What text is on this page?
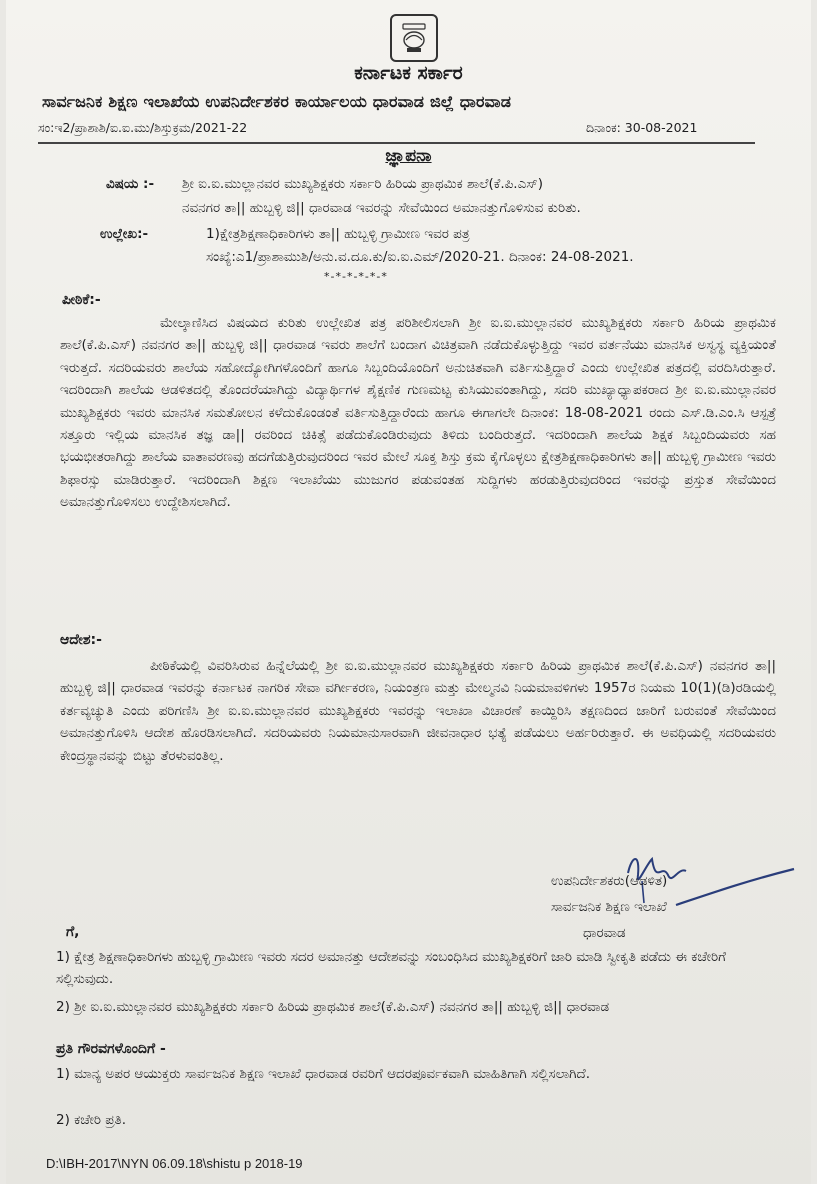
ಕರ್ನಾಟಕ ಸರ್ಕಾರ
ಸಾರ್ವಜನಿಕ ಶಿಕ್ಷಣ ಇಲಾಖೆಯ ಉಪನಿರ್ದೇಶಕರ ಕಾರ್ಯಾಲಯ ಧಾರವಾಡ ಜಿಲ್ಲೆ ಧಾರವಾಡ
ಸಂ:ಇ2/ಪ್ರಾಶಾಶಿ/ಐ.ಐ.ಮು/ಶಿಸ್ತುಕ್ರಮ/2021-22	ದಿನಾಂಕ: 30-08-2021
ಜ್ಞಾಪನಾ
ವಿಷಯ :- ಶ್ರೀ ಐ.ಐ.ಮುಲ್ಲಾನವರ ಮುಖ್ಯಶಿಕ್ಷಕರು ಸರ್ಕಾರಿ ಹಿರಿಯ ಪ್ರಾಥಮಿಕ ಶಾಲೆ(ಕೆ.ಪಿ.ಎಸ್)
ನವನಗರ ತಾ|| ಹುಬ್ಬಳ್ಳಿ ಜಿ|| ಧಾರವಾಡ ಇವರನ್ನು ಸೇವೆಯಿಂದ ಅಮಾನತ್ತುಗೊಳಿಸುವ ಕುರಿತು.
ಉಲ್ಲೇಖ:-	1)ಕ್ಷೇತ್ರಶಿಕ್ಷಣಾಧಿಕಾರಿಗಳು ತಾ|| ಹುಬ್ಬಳ್ಳಿ ಗ್ರಾಮೀಣ ಇವರ ಪತ್ರ
ಸಂಖ್ಯೆ:ಎ1/ಪ್ರಾಶಾಮುಶಿ/ಅನು.ವ.ದೂ.ಕು/ಐ.ಐ.ಎಮ್/2020-21. ದಿನಾಂಕ: 24-08-2021.
*-*-*-*-*-*
ಪೀಠಿಕೆ:-
ಮೇಲ್ಕಾಣಿಸಿದ ವಿಷಯದ ಕುರಿತು ಉಲ್ಲೇಖಿತ ಪತ್ರ ಪರಿಶೀಲಿಸಲಾಗಿ ಶ್ರೀ ಐ.ಐ.ಮುಲ್ಲಾನವರ ಮುಖ್ಯಶಿಕ್ಷಕರು ಸರ್ಕಾರಿ ಹಿರಿಯ ಪ್ರಾಥಮಿಕ ಶಾಲೆ(ಕೆ.ಪಿ.ಎಸ್) ನವನಗರ ತಾ|| ಹುಬ್ಬಳ್ಳಿ ಜಿ|| ಧಾರವಾಡ ಇವರು ಶಾಲೆಗೆ ಬಂದಾಗ ವಿಚಿತ್ರವಾಗಿ ನಡೆದುಕೊಳ್ಳುತ್ತಿದ್ದು ಇವರ ವರ್ತನೆಯು ಮಾನಸಿಕ ಅಸ್ವಸ್ಥ ವ್ಯಕ್ತಿಯಂತೆ ಇರುತ್ತದೆ. ಸದರಿಯವರು ಶಾಲೆಯ ಸಹೋದ್ಯೋಗಿಗಳೊಂದಿಗೆ ಹಾಗೂ ಸಿಬ್ಬಂದಿಯೊಂದಿಗೆ ಅನುಚಿತವಾಗಿ ವರ್ತಿಸುತ್ತಿದ್ದಾರೆ ಎಂದು ಉಲ್ಲೇಖಿತ ಪತ್ರದಲ್ಲಿ ವರದಿಸಿರುತ್ತಾರೆ. ಇದರಿಂದಾಗಿ ಶಾಲೆಯ ಆಡಳಿತದಲ್ಲಿ ತೊಂದರೆಯಾಗಿದ್ದು ವಿದ್ಯಾರ್ಥಿಗಳ ಶೈಕ್ಷಣಿಕ ಗುಣಮಟ್ಟ ಕುಸಿಯುವಂತಾಗಿದ್ದು, ಸದರಿ ಮುಖ್ಯಾಧ್ಯಾಪಕರಾದ ಶ್ರೀ ಐ.ಐ.ಮುಲ್ಲಾನವರ ಮುಖ್ಯಶಿಕ್ಷಕರು ಇವರು ಮಾನಸಿಕ ಸಮತೋಲನ ಕಳೆದುಕೊಂಡಂತೆ ವರ್ತಿಸುತ್ತಿದ್ದಾರೆಂದು ಹಾಗೂ ಈಗಾಗಲೇ ದಿನಾಂಕ: 18-08-2021 ರಂದು ಎಸ್.ಡಿ.ಎಂ.ಸಿ ಆಸ್ಪತ್ರೆ ಸತ್ತೂರು ಇಲ್ಲಿಯ ಮಾನಸಿಕ ತಜ್ಞ ಡಾ|| ರವರಿಂದ ಚಿಕಿತ್ಸೆ ಪಡೆದುಕೊಂಡಿರುವುದು ತಿಳಿದು ಬಂದಿರುತ್ತದೆ. ಇದರಿಂದಾಗಿ ಶಾಲೆಯ ಶಿಕ್ಷಕ ಸಿಬ್ಬಂದಿಯವರು ಸಹ ಭಯಭೀತರಾಗಿದ್ದು ಶಾಲೆಯ ವಾತಾವರಣವು ಹದಗೆಡುತ್ತಿರುವುದರಿಂದ ಇವರ ಮೇಲೆ ಸೂಕ್ತ ಶಿಸ್ತು ಕ್ರಮ ಕೈಗೊಳ್ಳಲು ಕ್ಷೇತ್ರಶಿಕ್ಷಣಾಧಿಕಾರಿಗಳು ತಾ|| ಹುಬ್ಬಳ್ಳಿ ಗ್ರಾಮೀಣ ಇವರು ಶಿಫಾರಸ್ಸು ಮಾಡಿರುತ್ತಾರೆ. ಇದರಿಂದಾಗಿ ಶಿಕ್ಷಣ ಇಲಾಖೆಯು ಮುಜುಗರ ಪಡುವಂತಹ ಸುದ್ದಿಗಳು ಹರಡುತ್ತಿರುವುದರಿಂದ ಇವರನ್ನು ಪ್ರಸ್ತುತ ಸೇವೆಯಿಂದ ಅಮಾನತ್ತುಗೊಳಿಸಲು ಉದ್ದೇಶಿಸಲಾಗಿದೆ.
ಆದೇಶ:-
ಪೀಠಿಕೆಯಲ್ಲಿ ವಿವರಿಸಿರುವ ಹಿನ್ನೆಲೆಯಲ್ಲಿ ಶ್ರೀ ಐ.ಐ.ಮುಲ್ಲಾನವರ ಮುಖ್ಯಶಿಕ್ಷಕರು ಸರ್ಕಾರಿ ಹಿರಿಯ ಪ್ರಾಥಮಿಕ ಶಾಲೆ(ಕೆ.ಪಿ.ಎಸ್) ನವನಗರ ತಾ|| ಹುಬ್ಬಳ್ಳಿ ಜಿ|| ಧಾರವಾಡ ಇವರನ್ನು ಕರ್ನಾಟಕ ನಾಗರಿಕ ಸೇವಾ ವರ್ಗೀಕರಣ, ನಿಯಂತ್ರಣ ಮತ್ತು ಮೇಲ್ಮನವಿ ನಿಯಮಾವಳಿಗಳು 1957ರ ನಿಯಮ 10(1)(ಡಿ)ರಡಿಯಲ್ಲಿ ಕರ್ತವ್ಯಚ್ಯುತಿ ಎಂದು ಪರಿಗಣಿಸಿ ಶ್ರೀ ಐ.ಐ.ಮುಲ್ಲಾನವರ ಮುಖ್ಯಶಿಕ್ಷಕರು ಇವರನ್ನು ಇಲಾಖಾ ವಿಚಾರಣೆ ಕಾಯ್ದಿರಿಸಿ ತಕ್ಷಣದಿಂದ ಜಾರಿಗೆ ಬರುವಂತೆ ಸೇವೆಯಿಂದ ಅಮಾನತ್ತುಗೊಳಿಸಿ ಆದೇಶ ಹೊರಡಿಸಲಾಗಿದೆ. ಸದರಿಯವರು ನಿಯಮಾನುಸಾರವಾಗಿ ಜೀವನಾಧಾರ ಭತ್ಯೆ ಪಡೆಯಲು ಅರ್ಹರಿರುತ್ತಾರೆ. ಈ ಅವಧಿಯಲ್ಲಿ ಸದರಿಯವರು ಕೇಂದ್ರಸ್ಥಾನವನ್ನು ಬಿಟ್ಟು ತೆರಳುವಂತಿಲ್ಲ.
ಉಪನಿರ್ದೇಶಕರು(ಆಡಳಿತ)
ಸಾರ್ವಜನಿಕ ಶಿಕ್ಷಣ ಇಲಾಖೆ
ಧಾರವಾಡ
ಗೆ,
1) ಕ್ಷೇತ್ರ ಶಿಕ್ಷಣಾಧಿಕಾರಿಗಳು ಹುಬ್ಬಳ್ಳಿ ಗ್ರಾಮೀಣ ಇವರು ಸದರ ಅಮಾನತ್ತು ಆದೇಶವನ್ನು ಸಂಬಂಧಿಸಿದ ಮುಖ್ಯಶಿಕ್ಷಕರಿಗೆ ಜಾರಿ ಮಾಡಿ ಸ್ವೀಕೃತಿ ಪಡೆದು ಈ ಕಚೇರಿಗೆ ಸಲ್ಲಿಸುವುದು.
2) ಶ್ರೀ ಐ.ಐ.ಮುಲ್ಲಾನವರ ಮುಖ್ಯಶಿಕ್ಷಕರು ಸರ್ಕಾರಿ ಹಿರಿಯ ಪ್ರಾಥಮಿಕ ಶಾಲೆ(ಕೆ.ಪಿ.ಎಸ್) ನವನಗರ ತಾ|| ಹುಬ್ಬಳ್ಳಿ ಜಿ|| ಧಾರವಾಡ
ಪ್ರತಿ ಗೌರವಗಳೊಂದಿಗೆ -
1) ಮಾನ್ಯ ಅಪರ ಆಯುಕ್ತರು ಸಾರ್ವಜನಿಕ ಶಿಕ್ಷಣ ಇಲಾಖೆ ಧಾರವಾಡ ರವರಿಗೆ ಆದರಪೂರ್ವಕವಾಗಿ ಮಾಹಿತಿಗಾಗಿ ಸಲ್ಲಿಸಲಾಗಿದೆ.
2) ಕಚೇರಿ ಪ್ರತಿ.
D:\IBH-2017\NYN 06.09.18\shistu p 2018-19
